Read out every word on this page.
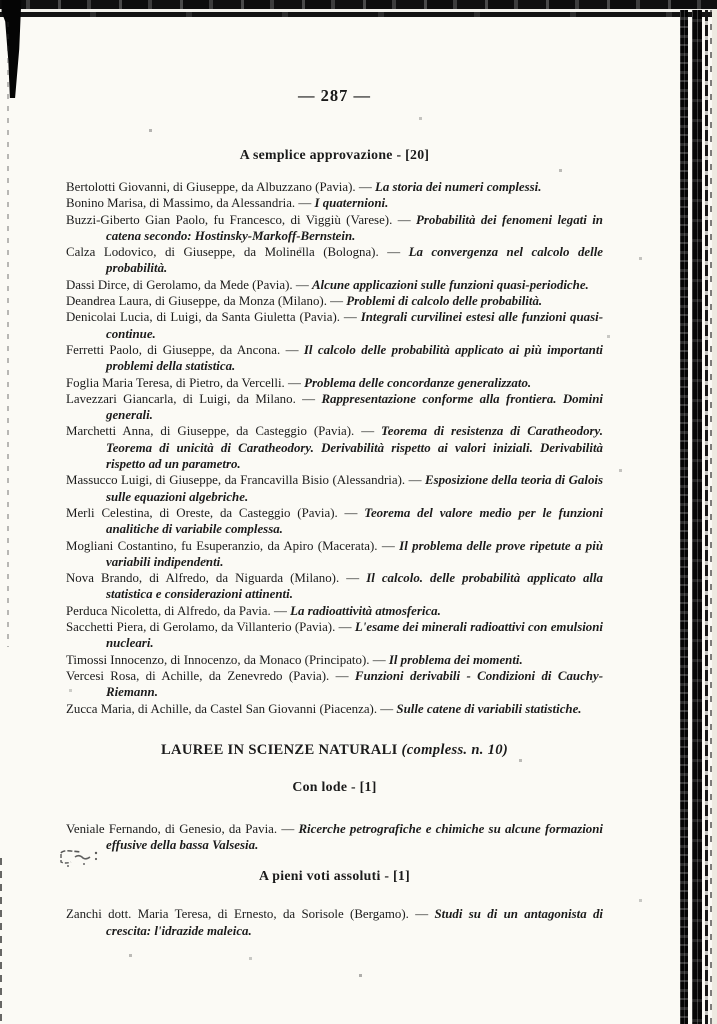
— 287 —
A semplice approvazione - [20]

Bertolotti Giovanni, di Giuseppe, da Albuzzano (Pavia). — La storia dei numeri complessi.

Bonino Marisa, di Massimo, da Alessandria. — I quaternioni.

Buzzi-Giberto Gian Paolo, fu Francesco, di Viggiù (Varese). — Probabilità dei fenomeni legati in catena secondo: Hostinsky-Markoff-Bernstein.

Calza Lodovico, di Giuseppe, da Molinella (Bologna). — La convergenza nel calcolo delle probabilità.

Dassi Dirce, di Gerolamo, da Mede (Pavia). — Alcune applicazioni sulle funzioni quasi-periodiche.

Deandrea Laura, di Giuseppe, da Monza (Milano). — Problemi di calcolo delle probabilità.

Denicolai Lucia, di Luigi, da Santa Giuletta (Pavia). — Integrali curvilinei estesi alle funzioni quasi-continue.

Ferretti Paolo, di Giuseppe, da Ancona. — Il calcolo delle probabilità applicato ai più importanti problemi della statistica.

Foglia Maria Teresa, di Pietro, da Vercelli. — Problema delle concordanze generalizzato.

Lavezzari Giancarla, di Luigi, da Milano. — Rappresentazione conforme alla frontiera. Domini generali.

Marchetti Anna, di Giuseppe, da Casteggio (Pavia). — Teorema di resistenza di Caratheodory. Teorema di unicità di Caratheodory. Derivabilità rispetto ai valori iniziali. Derivabilità rispetto ad un parametro.

Massucco Luigi, di Giuseppe, da Francavilla Bisio (Alessandria). — Esposizione della teoria di Galois sulle equazioni algebriche.

Merli Celestina, di Oreste, da Casteggio (Pavia). — Teorema del valore medio per le funzioni analitiche di variabile complessa.

Mogliani Costantino, fu Esuperanzio, da Apiro (Macerata). — Il problema delle prove ripetute a più variabili indipendenti.

Nova Brando, di Alfredo, da Niguarda (Milano). — Il calcolo. delle probabilità applicato alla statistica e considerazioni attinenti.

Perduca Nicoletta, di Alfredo, da Pavia. — La radioattività atmosferica.

Sacchetti Piera, di Gerolamo, da Villanterio (Pavia). — L'esame dei minerali radioattivi con emulsioni nucleari.

Timossi Innocenzo, di Innocenzo, da Monaco (Principato). — Il problema dei momenti.

Vercesi Rosa, di Achille, da Zenevredo (Pavia). — Funzioni derivabili - Condizioni di Cauchy-Riemann.

Zucca Maria, di Achille, da Castel San Giovanni (Piacenza). — Sulle catene di variabili statistiche.

LAUREE IN SCIENZE NATURALI (compless. n. 10)
Con lode - [1]

Veniale Fernando, di Genesio, da Pavia. — Ricerche petrografiche e chimiche su alcune formazioni effusive della bassa Valsesia.

A pieni voti assoluti - [1]

Zanchi dott. Maria Teresa, di Ernesto, da Sorisole (Bergamo). — Studi su di un antagonista di crescita: l'idrazide maleica.
